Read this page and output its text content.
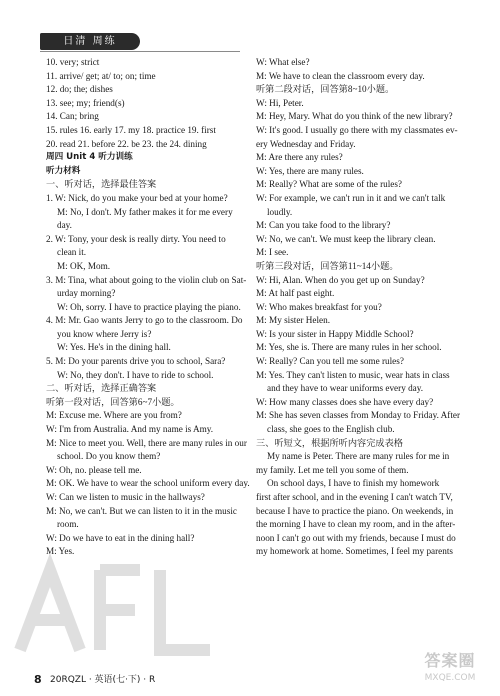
日清 周练
10. very; strict
11. arrive/ get; at/ to; on; time
12. do; the; dishes
13. see; my; friend(s)
14. Can; bring
15. rules 16. early 17. my 18. practice 19. first
20. read 21. before 22. be 23. the 24. dining
周四 Unit 4 听力训练
听力材料
一、听对话，选择最佳答案
1. W: Nick, do you make your bed at your home?
M: No, I don't. My father makes it for me every
day.
2. W: Tony, your desk is really dirty. You need to
clean it.
M: OK, Mom.
3. M: Tina, what about going to the violin club on Sat-
urday morning?
W: Oh, sorry. I have to practice playing the piano.
4. M: Mr. Gao wants Jerry to go to the classroom. Do
you know where Jerry is?
W: Yes. He's in the dining hall.
5. M: Do your parents drive you to school, Sara?
W: No, they don't. I have to ride to school.
二、听对话，选择正确答案
听第一段对话，回答第6~7小题。
M: Excuse me. Where are you from?
W: I'm from Australia. And my name is Amy.
M: Nice to meet you. Well, there are many rules in our
school. Do you know them?
W: Oh, no. please tell me.
M: OK. We have to wear the school uniform every day.
W: Can we listen to music in the hallways?
M: No, we can't. But we can listen to it in the music
room.
W: Do we have to eat in the dining hall?
M: Yes.
W: What else?
M: We have to clean the classroom every day.
听第二段对话，回答第8~10小题。
W: Hi, Peter.
M: Hey, Mary. What do you think of the new library?
W: It's good. I usually go there with my classmates ev-
ery Wednesday and Friday.
M: Are there any rules?
W: Yes, there are many rules.
M: Really? What are some of the rules?
W: For example, we can't run in it and we can't talk
loudly.
M: Can you take food to the library?
W: No, we can't. We must keep the library clean.
M: I see.
听第三段对话，回答第11~14小题。
W: Hi, Alan. When do you get up on Sunday?
M: At half past eight.
W: Who makes breakfast for you?
M: My sister Helen.
W: Is your sister in Happy Middle School?
M: Yes, she is. There are many rules in her school.
W: Really? Can you tell me some rules?
M: Yes. They can't listen to music, wear hats in class
and they have to wear uniforms every day.
W: How many classes does she have every day?
M: She has seven classes from Monday to Friday. After
class, she goes to the English club.
三、听短文，根据所听内容完成表格
My name is Peter. There are many rules for me in
my family. Let me tell you some of them.
On school days, I have to finish my homework
first after school, and in the evening I can't watch TV,
because I have to practice the piano. On weekends, in
the morning I have to clean my room, and in the after-
noon I can't go out with my friends, because I must do
my homework at home. Sometimes, I feel my parents
8 20RQZL · 英语(七·下) · R
答案圈
MXQE.COM
